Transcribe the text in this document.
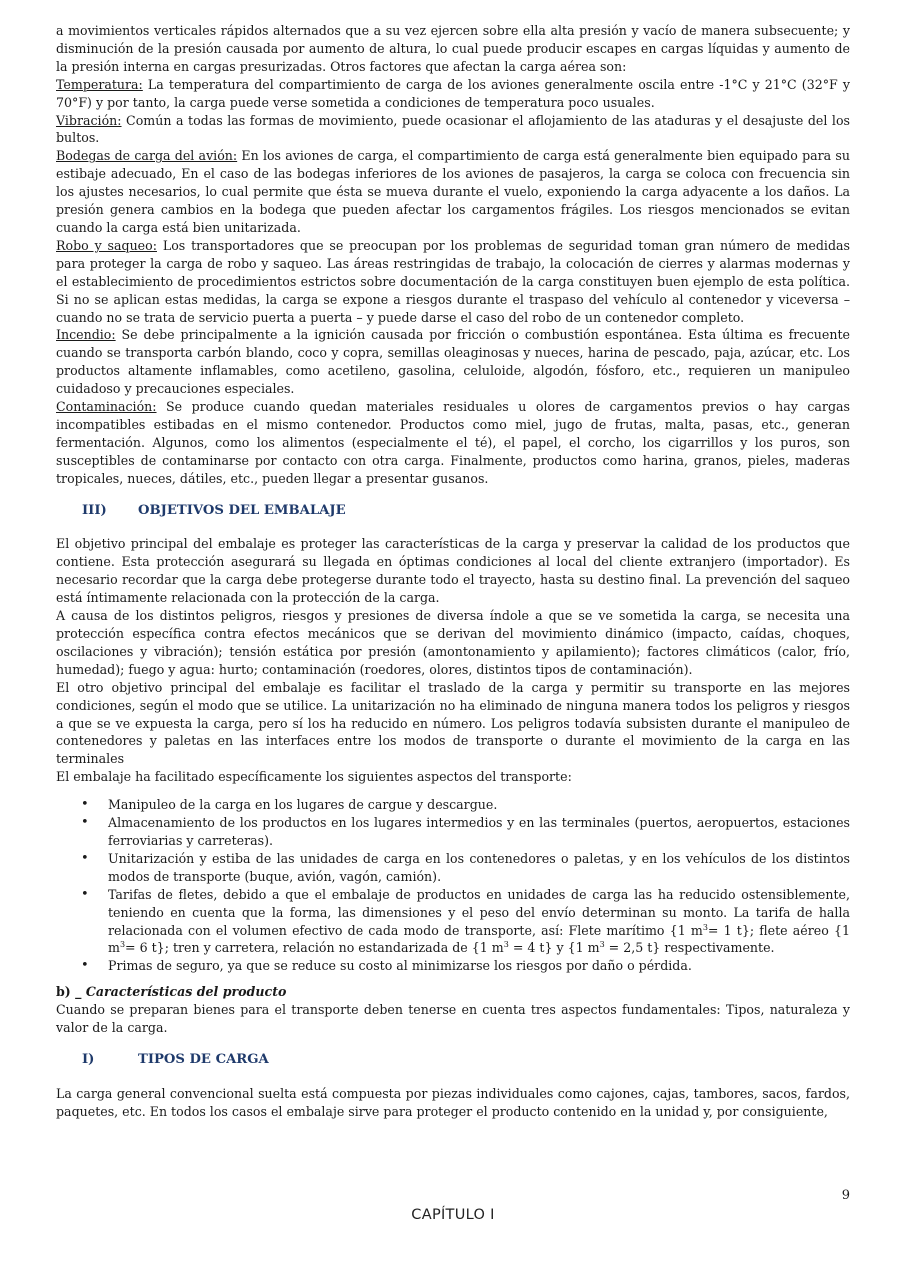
a movimientos verticales rápidos alternados que a su vez ejercen sobre ella alta presión y vacío de manera subsecuente; y disminución de la presión causada por aumento de altura, lo cual puede producir escapes en cargas líquidas y aumento de la presión interna en cargas presurizadas. Otros factores que afectan la carga aérea son:

Temperatura: La temperatura del compartimiento de carga de los aviones generalmente oscila entre -1°C y 21°C (32°F y 70°F) y por tanto, la carga puede verse sometida a condiciones de temperatura poco usuales.

Vibración: Común a todas las formas de movimiento, puede ocasionar el aflojamiento de las ataduras y el desajuste del los bultos.

Bodegas de carga del avión: En los aviones de carga, el compartimiento de carga está generalmente bien equipado para su estibaje adecuado, En el caso de las bodegas inferiores de los aviones de pasajeros, la carga se coloca con frecuencia sin los ajustes necesarios, lo cual permite que ésta se mueva durante el vuelo, exponiendo la carga adyacente a los daños. La presión genera cambios en la bodega que pueden afectar los cargamentos frágiles. Los riesgos mencionados se evitan cuando la carga está bien unitarizada.

Robo y saqueo: Los transportadores que se preocupan por los problemas de seguridad toman gran número de medidas para proteger la carga de robo y saqueo. Las áreas restringidas de trabajo, la colocación de cierres y alarmas modernas y el establecimiento de procedimientos estrictos sobre documentación de la carga constituyen buen ejemplo de esta política. Si no se aplican estas medidas, la carga se expone a riesgos durante el traspaso del vehículo al contenedor y viceversa – cuando no se trata de servicio puerta a puerta – y puede darse el caso del robo de un contenedor completo.

Incendio: Se debe principalmente a la ignición causada por fricción o combustión espontánea. Esta última es frecuente cuando se transporta carbón blando, coco y copra, semillas oleaginosas y nueces, harina de pescado, paja, azúcar, etc. Los productos altamente inflamables, como acetileno, gasolina, celuloide, algodón, fósforo, etc., requieren un manipuleo cuidadoso y precauciones especiales.

Contaminación: Se produce cuando quedan materiales residuales u olores de cargamentos previos o hay cargas incompatibles estibadas en el mismo contenedor. Productos como miel, jugo de frutas, malta, pasas, etc., generan fermentación. Algunos, como los alimentos (especialmente el té), el papel, el corcho, los cigarrillos y los puros, son susceptibles de contaminarse por contacto con otra carga. Finalmente, productos como harina, granos, pieles, maderas tropicales, nueces, dátiles, etc., pueden llegar a presentar gusanos.

III)	OBJETIVOS DEL EMBALAJE

El objetivo principal del embalaje es proteger las características de la carga y preservar la calidad de los productos que contiene. Esta protección asegurará su llegada en óptimas condiciones al local del cliente extranjero (importador). Es necesario recordar que la carga debe protegerse durante todo el trayecto, hasta su destino final. La prevención del saqueo está íntimamente relacionada con la protección de la carga.

A causa de los distintos peligros, riesgos y presiones de diversa índole a que se ve sometida la carga, se necesita una protección específica contra efectos mecánicos que se derivan del movimiento dinámico (impacto, caídas, choques, oscilaciones y vibración); tensión estática por presión (amontonamiento y apilamiento); factores climáticos (calor, frío, humedad); fuego y agua: hurto; contaminación (roedores, olores, distintos tipos de contaminación).

El otro objetivo principal del embalaje es facilitar el traslado de la carga y permitir su transporte en las mejores condiciones, según el modo que se utilice. La unitarización no ha eliminado de ninguna manera todos los peligros y riesgos a que se ve expuesta la carga, pero sí los ha reducido en número. Los peligros todavía subsisten durante el manipuleo de contenedores y paletas en las interfaces entre los modos de transporte o durante el movimiento de la carga en las terminales

El embalaje ha facilitado específicamente los siguientes aspectos del transporte:

• Manipuleo de la carga en los lugares de cargue y descargue.
• Almacenamiento de los productos en los lugares intermedios y en las terminales (puertos, aeropuertos, estaciones ferroviarias y carreteras).
• Unitarización y estiba de las unidades de carga en los contenedores o paletas, y en los vehículos de los distintos modos de transporte (buque, avión, vagón, camión).
• Tarifas de fletes, debido a que el embalaje de productos en unidades de carga las ha reducido ostensiblemente, teniendo en cuenta que la forma, las dimensiones y el peso del envío determinan su monto. La tarifa de halla relacionada con el volumen efectivo de cada modo de transporte, así: Flete marítimo {1 $m^3= 1$ t}; flete aéreo {1 $m^3= 6$ t}; tren y carretera, relación no estandarizada de {1 $m^3 = 4$ t} y {1 $m^3 = 2,5$ t} respectivamente.
• Primas de seguro, ya que se reduce su costo al minimizarse los riesgos por daño o pérdida.

b) _ Características del producto

Cuando se preparan bienes para el transporte deben tenerse en cuenta tres aspectos fundamentales: Tipos, naturaleza y valor de la carga.

I)	TIPOS DE CARGA

La carga general convencional suelta está compuesta por piezas individuales como cajones, cajas, tambores, sacos, fardos, paquetes, etc. En todos los casos el embalaje sirve para proteger el producto contenido en la unidad y, por consiguiente,

9
CAPÍTULO I
